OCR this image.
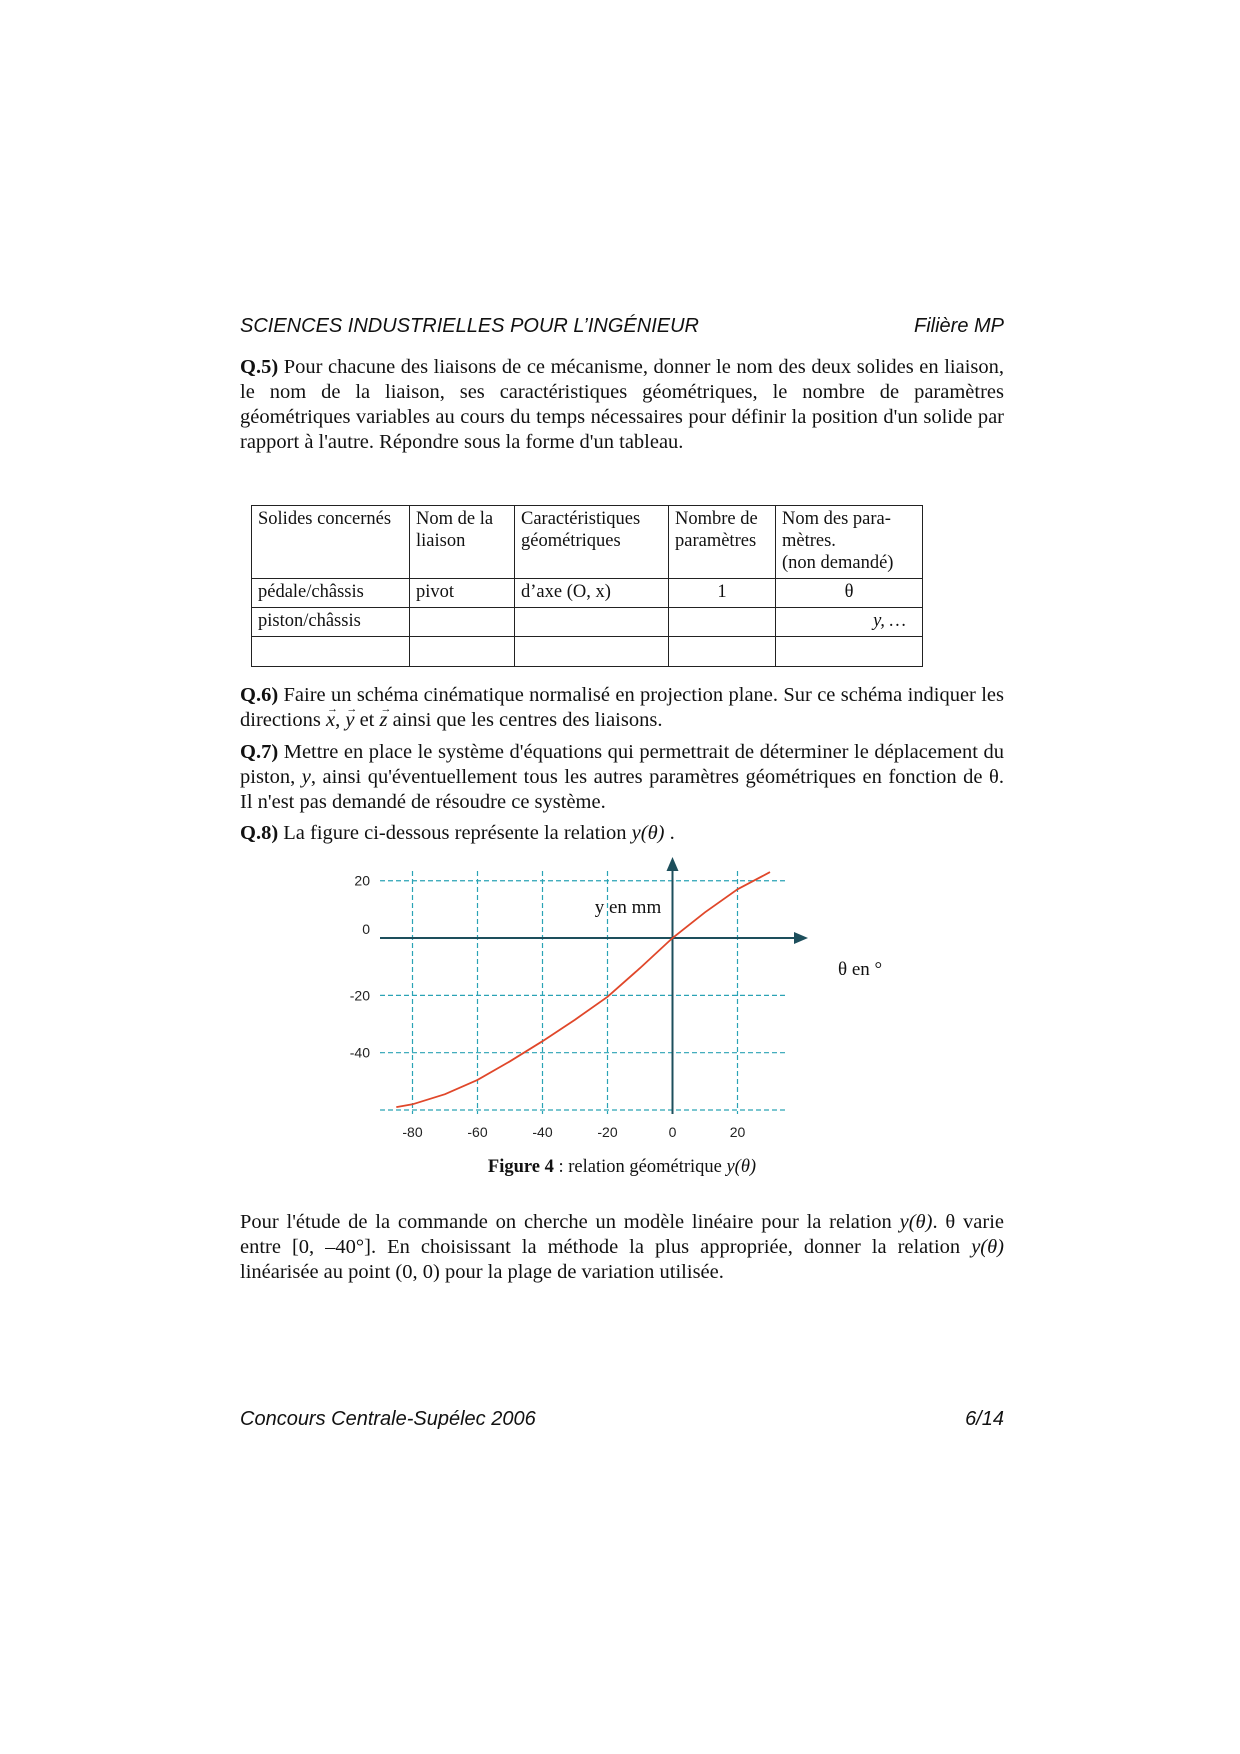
SCIENCES INDUSTRIELLES POUR L’INGÉNIEUR	Filière MP
Q.5) Pour chacune des liaisons de ce mécanisme, donner le nom des deux solides en liaison, le nom de la liaison, ses caractéristiques géométriques, le nombre de paramètres géométriques variables au cours du temps nécessaires pour définir la position d'un solide par rapport à l'autre. Répondre sous la forme d'un tableau.
Solides concernés	Nom de la liaison	Caractéristiques géométriques	Nombre de paramètres	Nom des para-mètres.
(non demandé)

pédale/châssis	pivot	d’axe (O, x)	1	θ
piston/châssis				y, …

Q.6) Faire un schéma cinématique normalisé en projection plane. Sur ce schéma indiquer les directions x →, y → et z → ainsi que les centres des liaisons.
Q.7) Mettre en place le système d'équations qui permettrait de déterminer le déplacement du piston, y, ainsi qu'éventuellement tous les autres paramètres géométriques en fonction de θ. Il n'est pas demandé de résoudre ce système.
Q.8) La figure ci-dessous représente la relation y(θ) .
-80	-60	-40	-20	0	20
20
0
-20
-40
θ en °
y en mm
Figure 4 : relation géométrique y(θ)
Pour l'étude de la commande on cherche un modèle linéaire pour la relation y(θ). θ varie entre [0, –40°]. En choisissant la méthode la plus appropriée, donner la relation y(θ) linéarisée au point (0, 0) pour la plage de variation utilisée.
Concours Centrale-Supélec 2006	6/14
